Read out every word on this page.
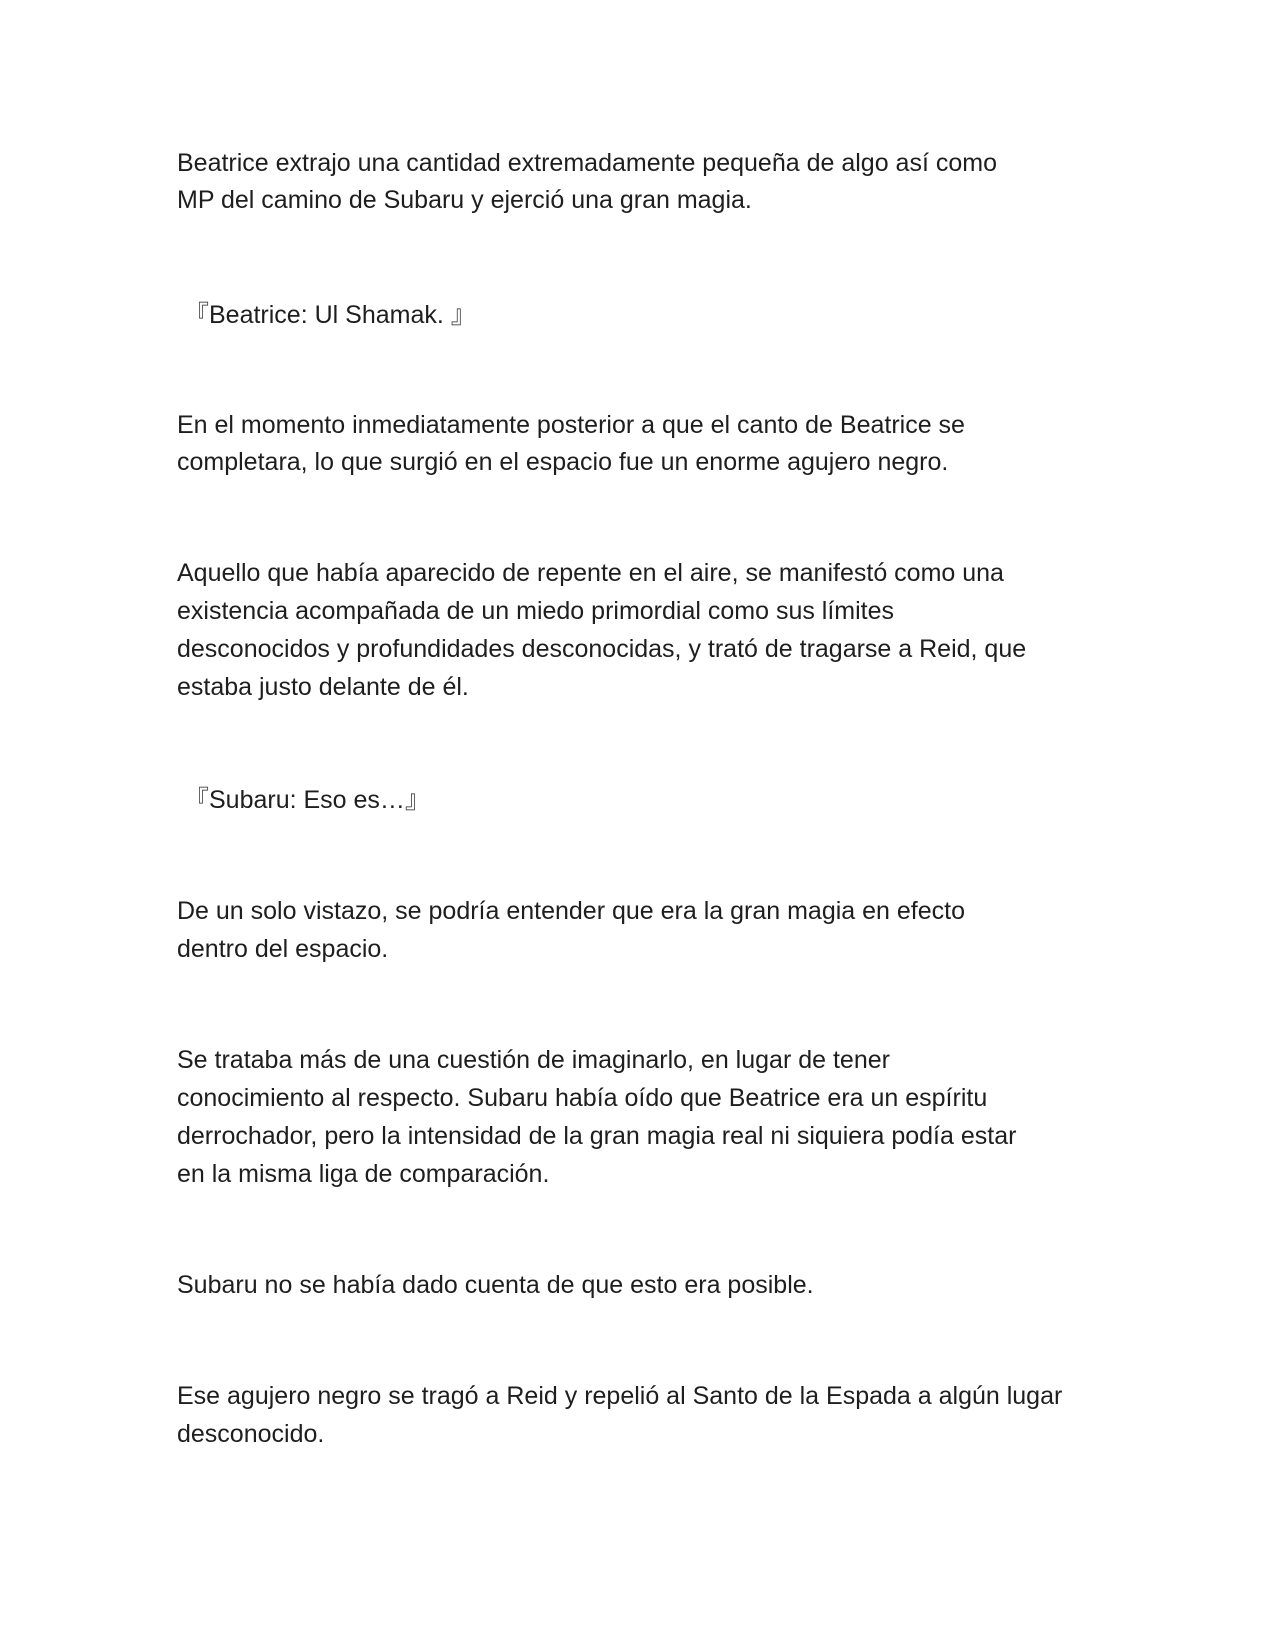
Beatrice extrajo una cantidad extremadamente pequeña de algo así como

MP del camino de Subaru y ejerció una gran magia.

『Beatrice: Ul Shamak. 』

En el momento inmediatamente posterior a que el canto de Beatrice se

completara, lo que surgió en el espacio fue un enorme agujero negro.

Aquello que había aparecido de repente en el aire, se manifestó como una

existencia acompañada de un miedo primordial como sus límites

desconocidos y profundidades desconocidas, y trató de tragarse a Reid, que

estaba justo delante de él.

『Subaru: Eso es…』

De un solo vistazo, se podría entender que era la gran magia en efecto

dentro del espacio.

Se trataba más de una cuestión de imaginarlo, en lugar de tener

conocimiento al respecto. Subaru había oído que Beatrice era un espíritu

derrochador, pero la intensidad de la gran magia real ni siquiera podía estar

en la misma liga de comparación.

Subaru no se había dado cuenta de que esto era posible.

Ese agujero negro se tragó a Reid y repelió al Santo de la Espada a algún lugar

desconocido.
